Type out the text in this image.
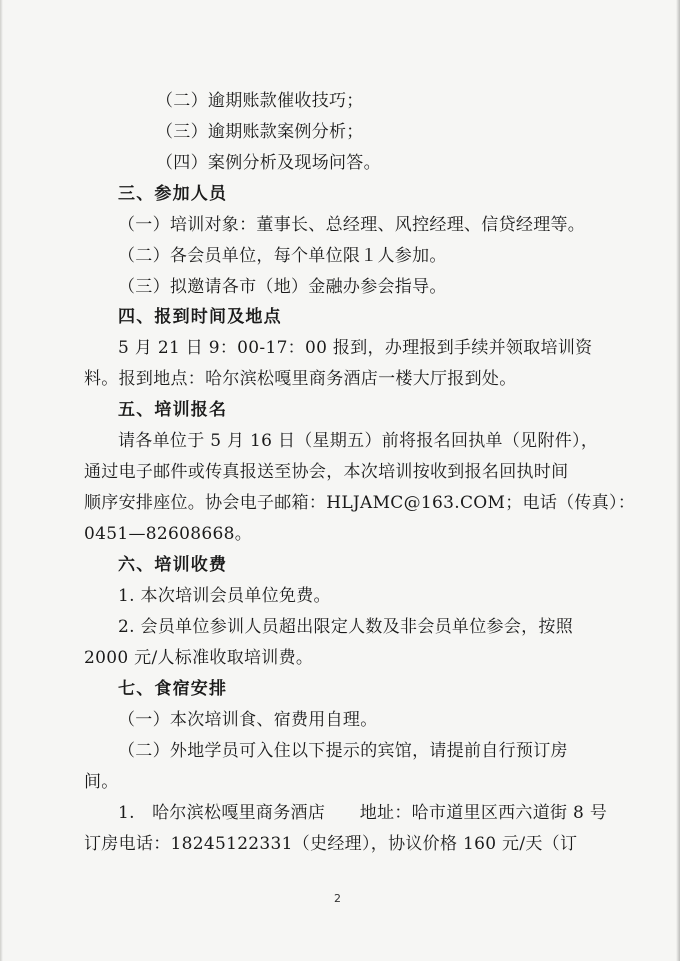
（二）逾期账款催收技巧；
（三）逾期账款案例分析；
（四）案例分析及现场问答。
三、参加人员
（一）培训对象：董事长、总经理、风控经理、信贷经理等。
（二）各会员单位，每个单位限１人参加。
（三）拟邀请各市（地）金融办参会指导。
四、报到时间及地点
5 月 21 日 9：00-17：00 报到，办理报到手续并领取培训资
料。报到地点：哈尔滨松嘎里商务酒店一楼大厅报到处。
五、培训报名
请各单位于 5 月 16 日（星期五）前将报名回执单（见附件），
通过电子邮件或传真报送至协会，本次培训按收到报名回执时间
顺序安排座位。协会电子邮箱：HLJAMC@163.COM；电话（传真）：
0451—82608668。
六、培训收费
1. 本次培训会员单位免费。
2. 会员单位参训人员超出限定人数及非会员单位参会，按照
2000 元/人标准收取培训费。
七、食宿安排
（一）本次培训食、宿费用自理。
（二）外地学员可入住以下提示的宾馆，请提前自行预订房
间。
1.　哈尔滨松嘎里商务酒店　　地址：哈市道里区西六道街 8 号
订房电话：18245122331（史经理），协议价格 160 元/天（订
2
